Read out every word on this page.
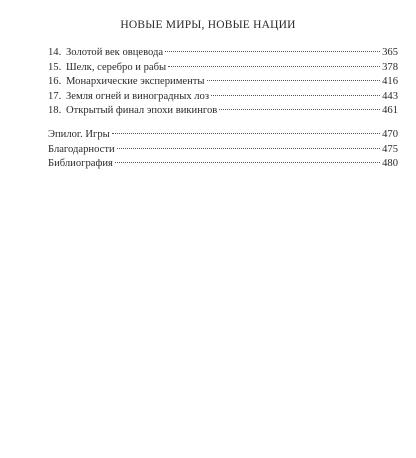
НОВЫЕ МИРЫ, НОВЫЕ НАЦИИ
14. Золотой век овцевода	365
15. Шелк, серебро и рабы	378
16. Монархические эксперименты	416
17. Земля огней и виноградных лоз	443
18. Открытый финал эпохи викингов	461
Эпилог. Игры	470
Благодарности	475
Библиография	480
